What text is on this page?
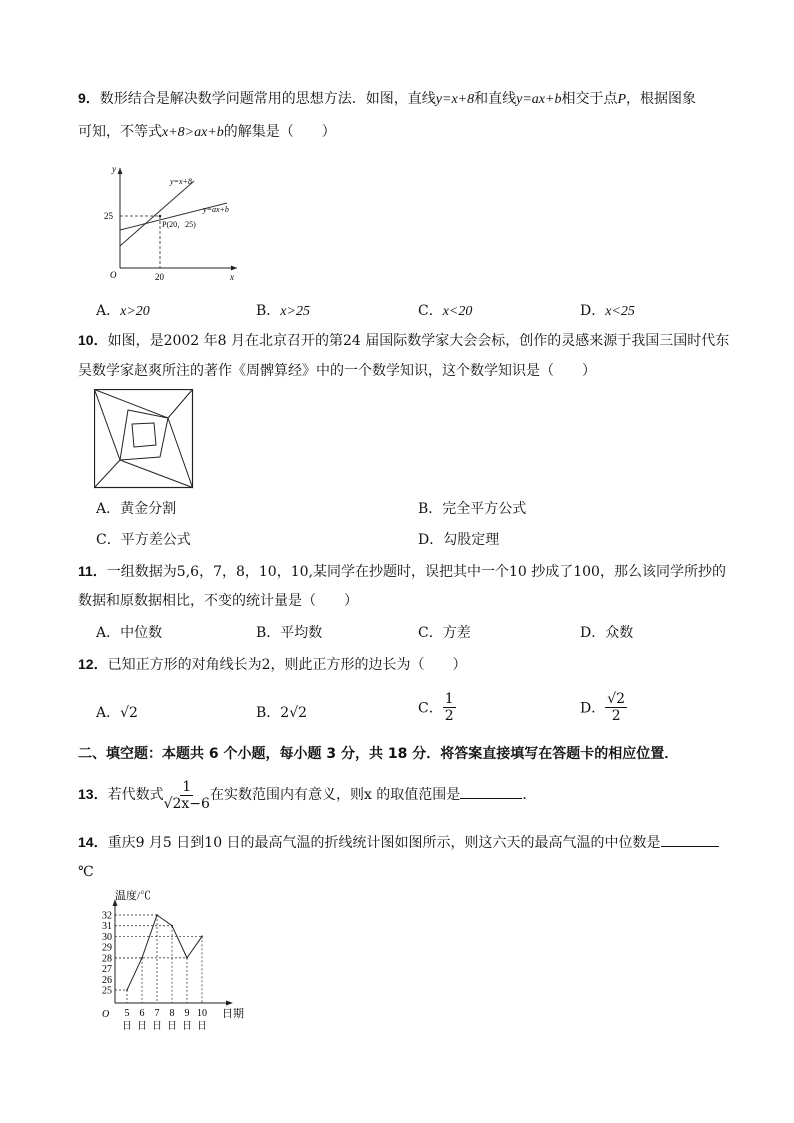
9．数形结合是解决数学问题常用的思想方法．如图，直线y=x+8和直线y=ax+b相交于点P，根据图象
可知，不等式x+8>ax+b的解集是（　　）
y
x
O
25
20
y=x+8
y=ax+b
P(20，25)
A．x>20	B．x>25	C．x<20	D．x<25
10．如图，是2002 年8 月在北京召开的第24 届国际数学家大会会标，创作的灵感来源于我国三国时代东
吴数学家赵爽所注的著作《周髀算经》中的一个数学知识，这个数学知识是（　　）
A．黄金分割	B．完全平方公式
C．平方差公式	D．勾股定理
11．一组数据为5,6，7，8，10，10,某同学在抄题时，误把其中一个10 抄成了100，那么该同学所抄的
数据和原数据相比，不变的统计量是（　　）
A．中位数	B．平均数	C．方差	D．众数
12．已知正方形的对角线长为2，则此正方形的边长为（　　）
A．√2	B．2√2	C． $\frac{1}{2}$	D． $\frac{√2}{2}$
二、填空题：本题共 6 个小题，每小题 3 分，共 18 分．将答案直接填写在答题卡的相应位置．
13．若代数式 $\frac{1}{√2x-6}$ 在实数范围内有意义，则x 的取值范围是	．
14．重庆9 月5 日到10 日的最高气温的折线统计图如图所示，则这六天的最高气温的中位数是
℃
温度/℃
日期
O
25
26
27
28
29
30
31
32
5
日
6
日
7
日
8
日
9
日
10
日
